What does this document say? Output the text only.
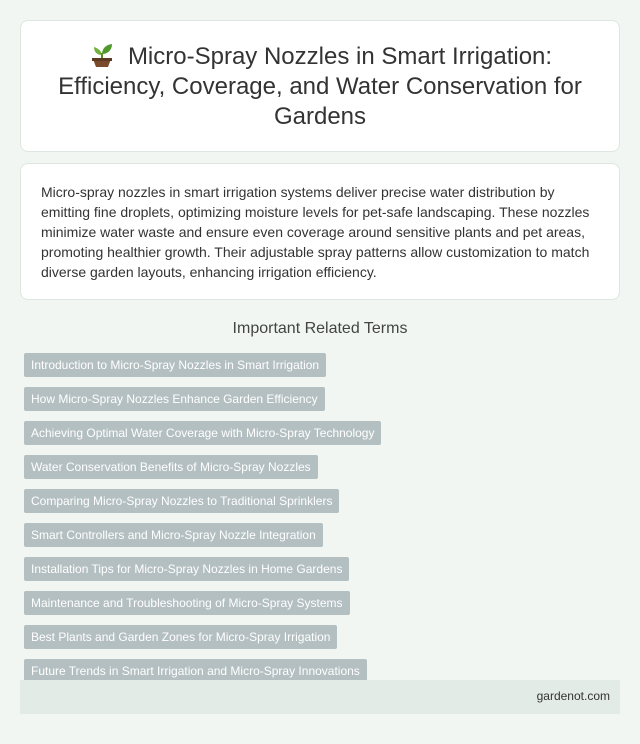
Micro-Spray Nozzles in Smart Irrigation: Efficiency, Coverage, and Water Conservation for Gardens

Micro-spray nozzles in smart irrigation systems deliver precise water distribution by emitting fine droplets, optimizing moisture levels for pet-safe landscaping. These nozzles minimize water waste and ensure even coverage around sensitive plants and pet areas, promoting healthier growth. Their adjustable spray patterns allow customization to match diverse garden layouts, enhancing irrigation efficiency.

Important Related Terms
Introduction to Micro-Spray Nozzles in Smart Irrigation
How Micro-Spray Nozzles Enhance Garden Efficiency
Achieving Optimal Water Coverage with Micro-Spray Technology
Water Conservation Benefits of Micro-Spray Nozzles
Comparing Micro-Spray Nozzles to Traditional Sprinklers
Smart Controllers and Micro-Spray Nozzle Integration
Installation Tips for Micro-Spray Nozzles in Home Gardens
Maintenance and Troubleshooting of Micro-Spray Systems
Best Plants and Garden Zones for Micro-Spray Irrigation
Future Trends in Smart Irrigation and Micro-Spray Innovations
gardenot.com
